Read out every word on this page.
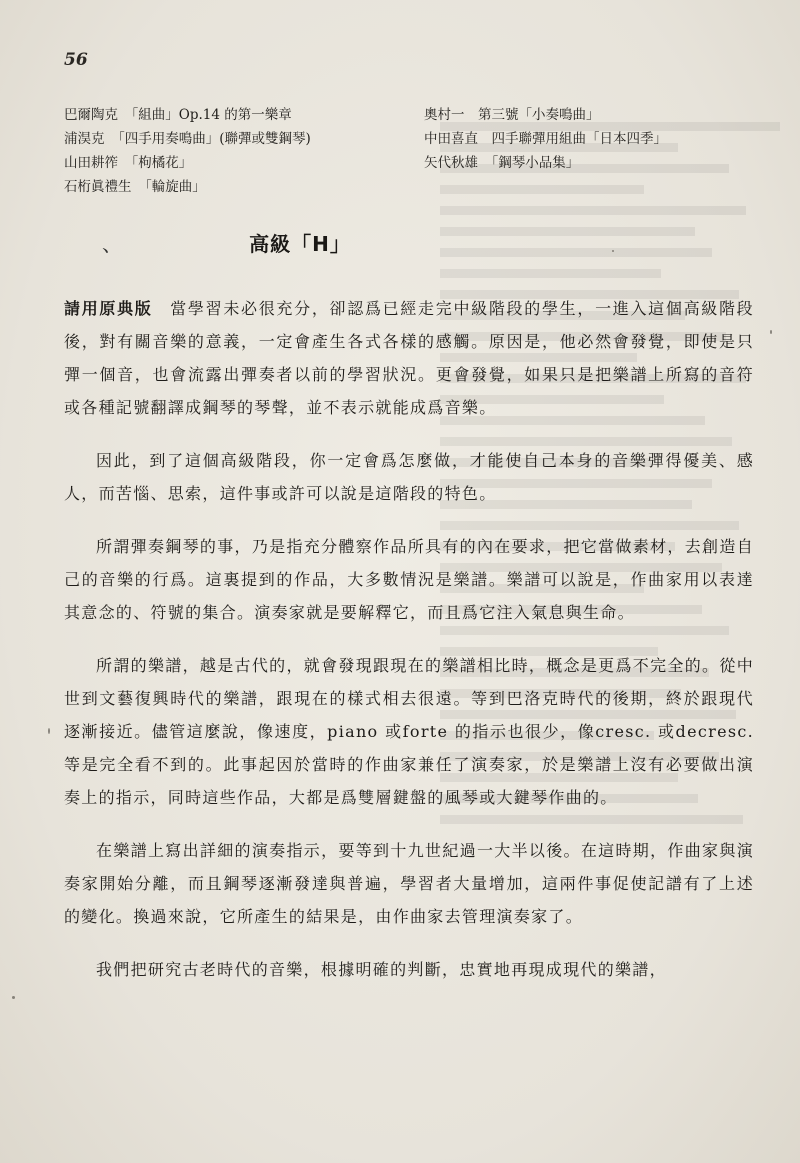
56
巴爾陶克　「組曲」Op.14 的第一樂章
浦淏克　「四手用奏鳴曲」(聯彈或雙鋼琴)
山田耕筰　「枸橘花」
石桁眞禮生　「輪旋曲」
奧村一　第三號「小奏鳴曲」
中田喜直　四手聯彈用組曲「日本四季」
矢代秋雄　「鋼琴小品集」
、	高級「H」

請用原典版　當學習未必很充分，卻認爲已經走完中級階段的學生，一進入這個高級階段後，對有關音樂的意義，一定會產生各式各樣的感觸。原因是，他必然會發覺，即使是只彈一個音，也會流露出彈奏者以前的學習狀況。更會發覺，如果只是把樂譜上所寫的音符或各種記號翻譯成鋼琴的琴聲，並不表示就能成爲音樂。

因此，到了這個高級階段，你一定會爲怎麼做，才能使自己本身的音樂彈得優美、感人，而苦惱、思索，這件事或許可以說是這階段的特色。

所謂彈奏鋼琴的事，乃是指充分體察作品所具有的內在要求，把它當做素材，去創造自己的音樂的行爲。這裏提到的作品，大多數情況是樂譜。樂譜可以說是，作曲家用以表達其意念的、符號的集合。演奏家就是要解釋它，而且爲它注入氣息與生命。

所謂的樂譜，越是古代的，就會發現跟現在的樂譜相比時，概念是更爲不完全的。從中世到文藝復興時代的樂譜，跟現在的樣式相去很遠。等到巴洛克時代的後期，終於跟現代逐漸接近。儘管這麼說，像速度，piano 或forte 的指示也很少，像cresc. 或decresc. 等是完全看不到的。此事起因於當時的作曲家兼任了演奏家，於是樂譜上沒有必要做出演奏上的指示，同時這些作品，大都是爲雙層鍵盤的風琴或大鍵琴作曲的。

在樂譜上寫出詳細的演奏指示，要等到十九世紀過一大半以後。在這時期，作曲家與演奏家開始分離，而且鋼琴逐漸發達與普遍，學習者大量增加，這兩件事促使記譜有了上述的變化。換過來說，它所產生的結果是，由作曲家去管理演奏家了。

我們把研究古老時代的音樂，根據明確的判斷，忠實地再現成現代的樂譜，
